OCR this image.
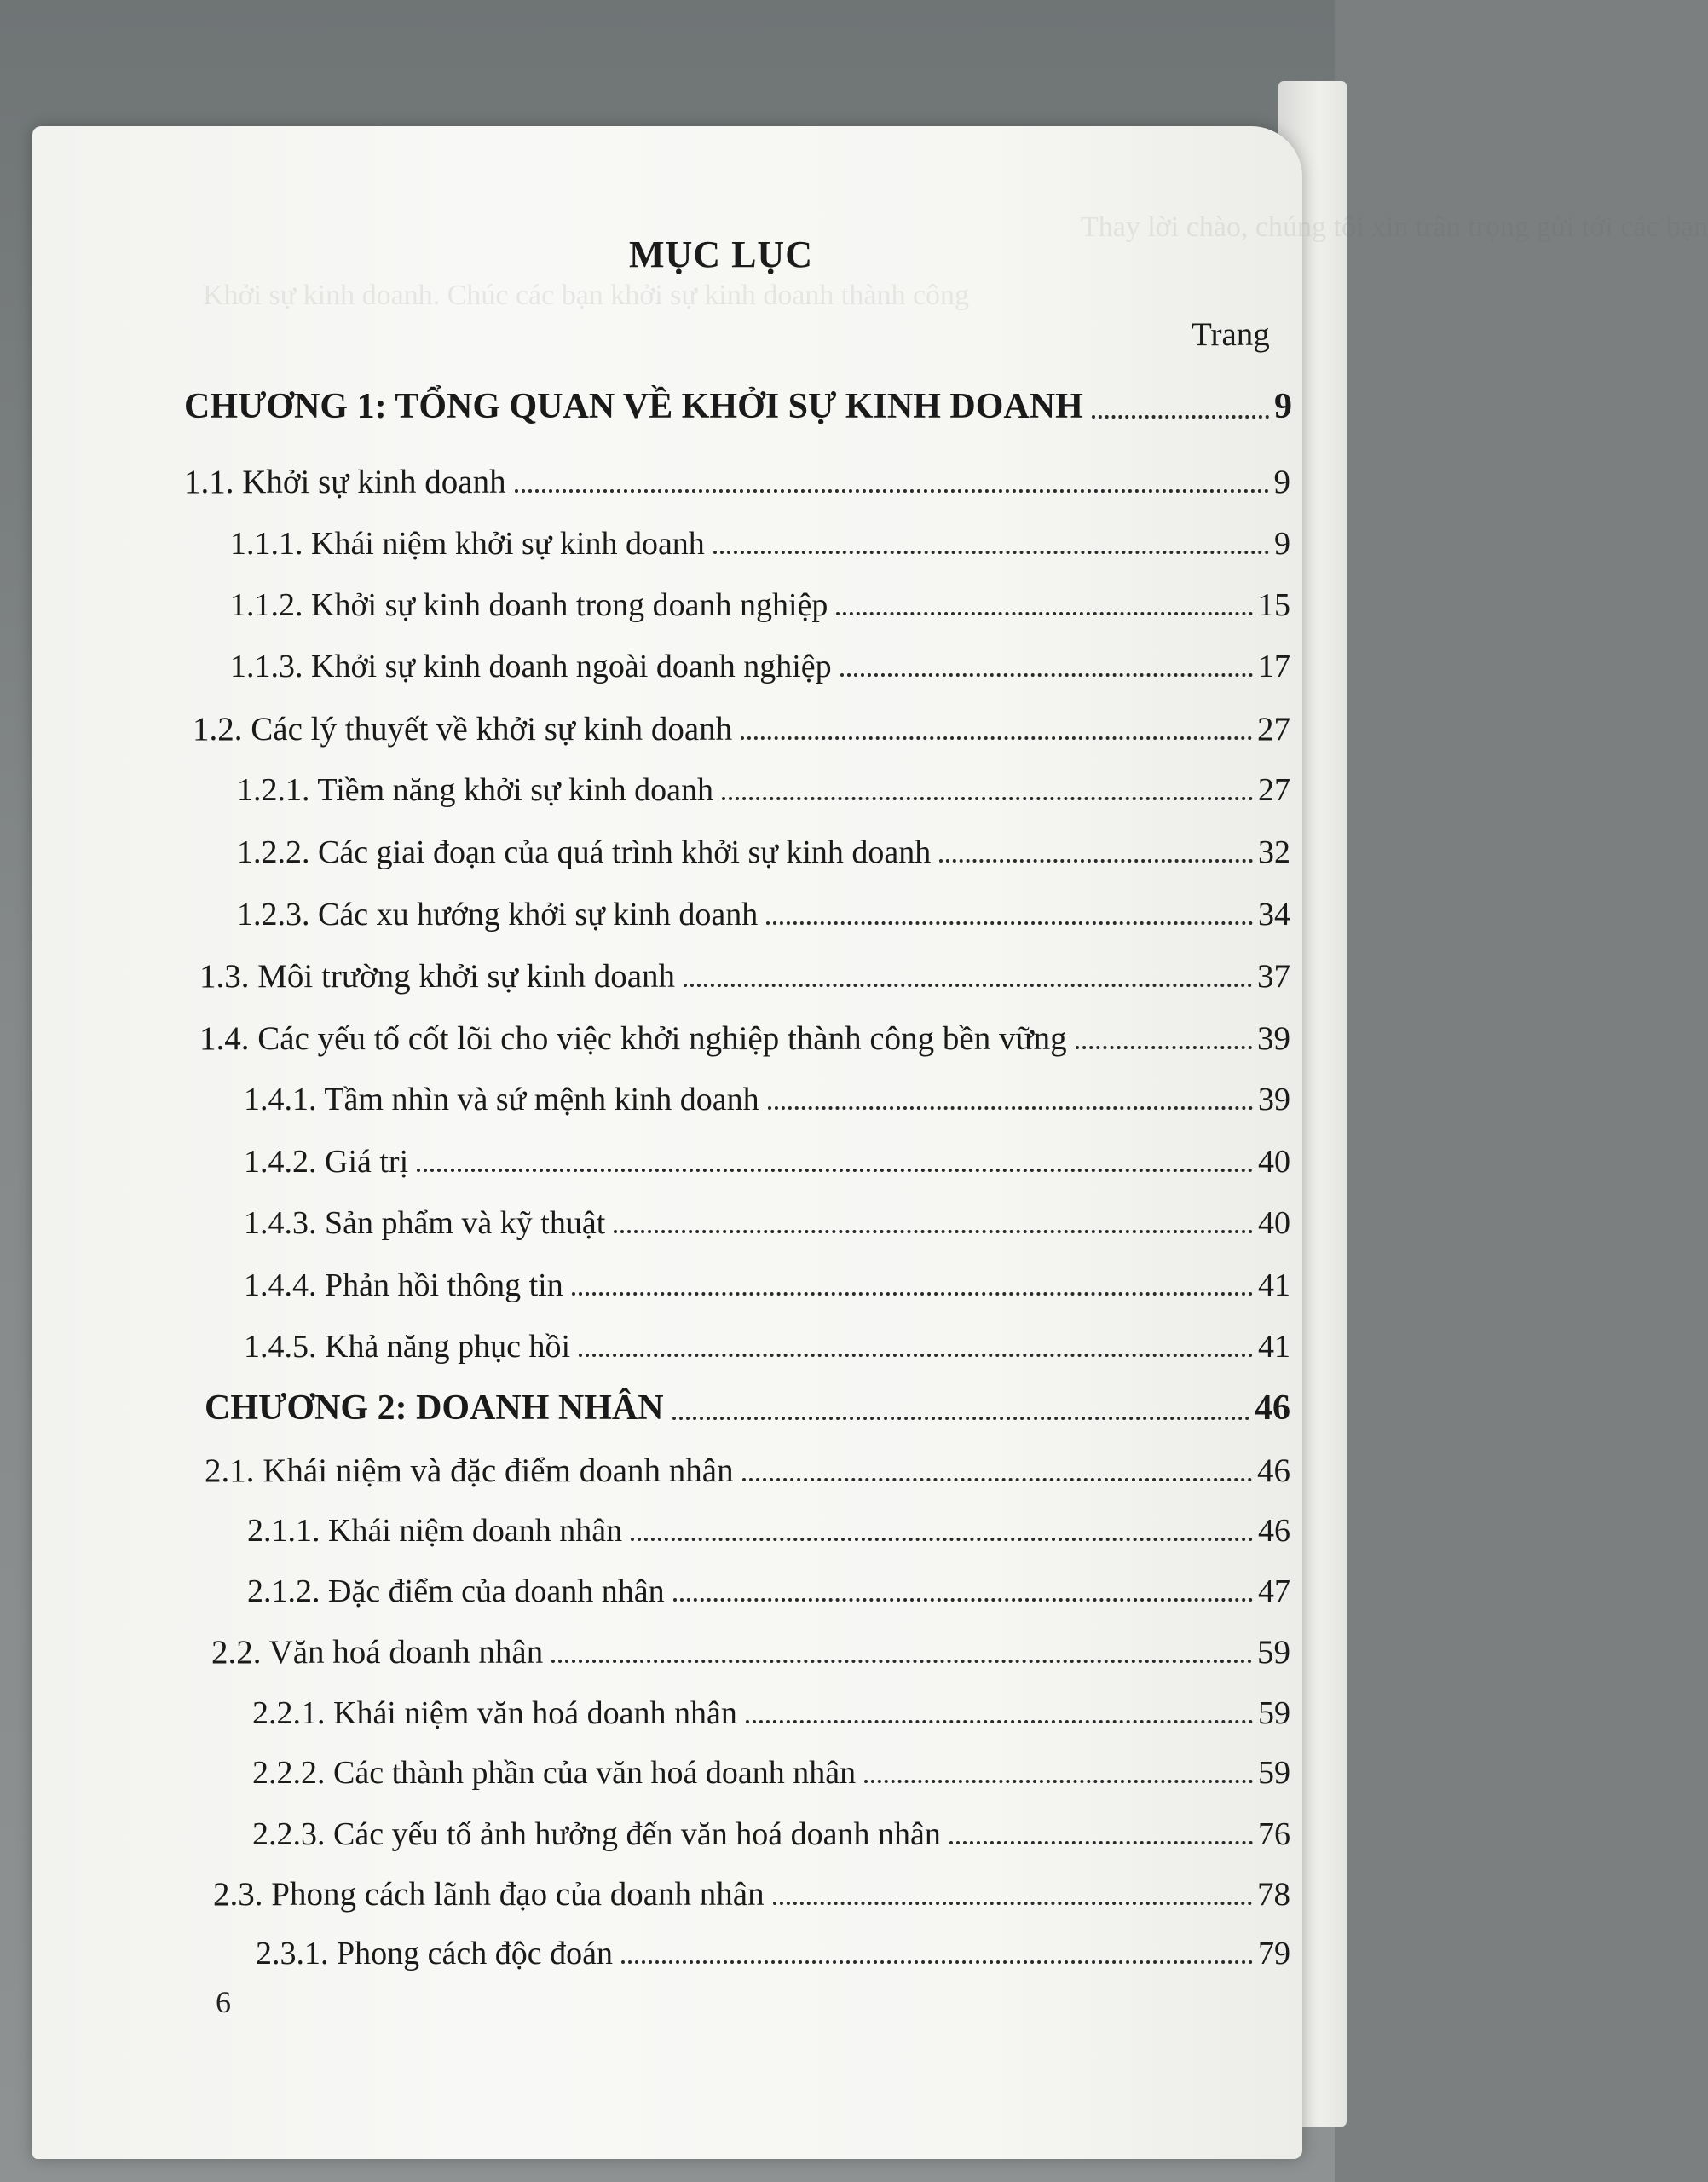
Thay lời chào, chúng tôi xin trân trọng gửi tới các bạn
Khởi sự kinh doanh. Chúc các bạn khởi sự kinh doanh thành công
MỤC LỤC
Trang
CHƯƠNG 1: TỔNG QUAN VỀ KHỞI SỰ KINH DOANH	9
1.1. Khởi sự kinh doanh	9
1.1.1. Khái niệm khởi sự kinh doanh	9
1.1.2. Khởi sự kinh doanh trong doanh nghiệp	15
1.1.3. Khởi sự kinh doanh ngoài doanh nghiệp	17
1.2. Các lý thuyết về khởi sự kinh doanh	27
1.2.1. Tiềm năng khởi sự kinh doanh	27
1.2.2. Các giai đoạn của quá trình khởi sự kinh doanh	32
1.2.3. Các xu hướng khởi sự kinh doanh	34
1.3. Môi trường khởi sự kinh doanh	37
1.4. Các yếu tố cốt lõi cho việc khởi nghiệp thành công bền vững	39
1.4.1. Tầm nhìn và sứ mệnh kinh doanh	39
1.4.2. Giá trị	40
1.4.3. Sản phẩm và kỹ thuật	40
1.4.4. Phản hồi thông tin	41
1.4.5. Khả năng phục hồi	41
CHƯƠNG 2: DOANH NHÂN	46
2.1. Khái niệm và đặc điểm doanh nhân	46
2.1.1. Khái niệm doanh nhân	46
2.1.2. Đặc điểm của doanh nhân	47
2.2. Văn hoá doanh nhân	59
2.2.1. Khái niệm văn hoá doanh nhân	59
2.2.2. Các thành phần của văn hoá doanh nhân	59
2.2.3. Các yếu tố ảnh hưởng đến văn hoá doanh nhân	76
2.3. Phong cách lãnh đạo của doanh nhân	78
2.3.1. Phong cách độc đoán	79
6
